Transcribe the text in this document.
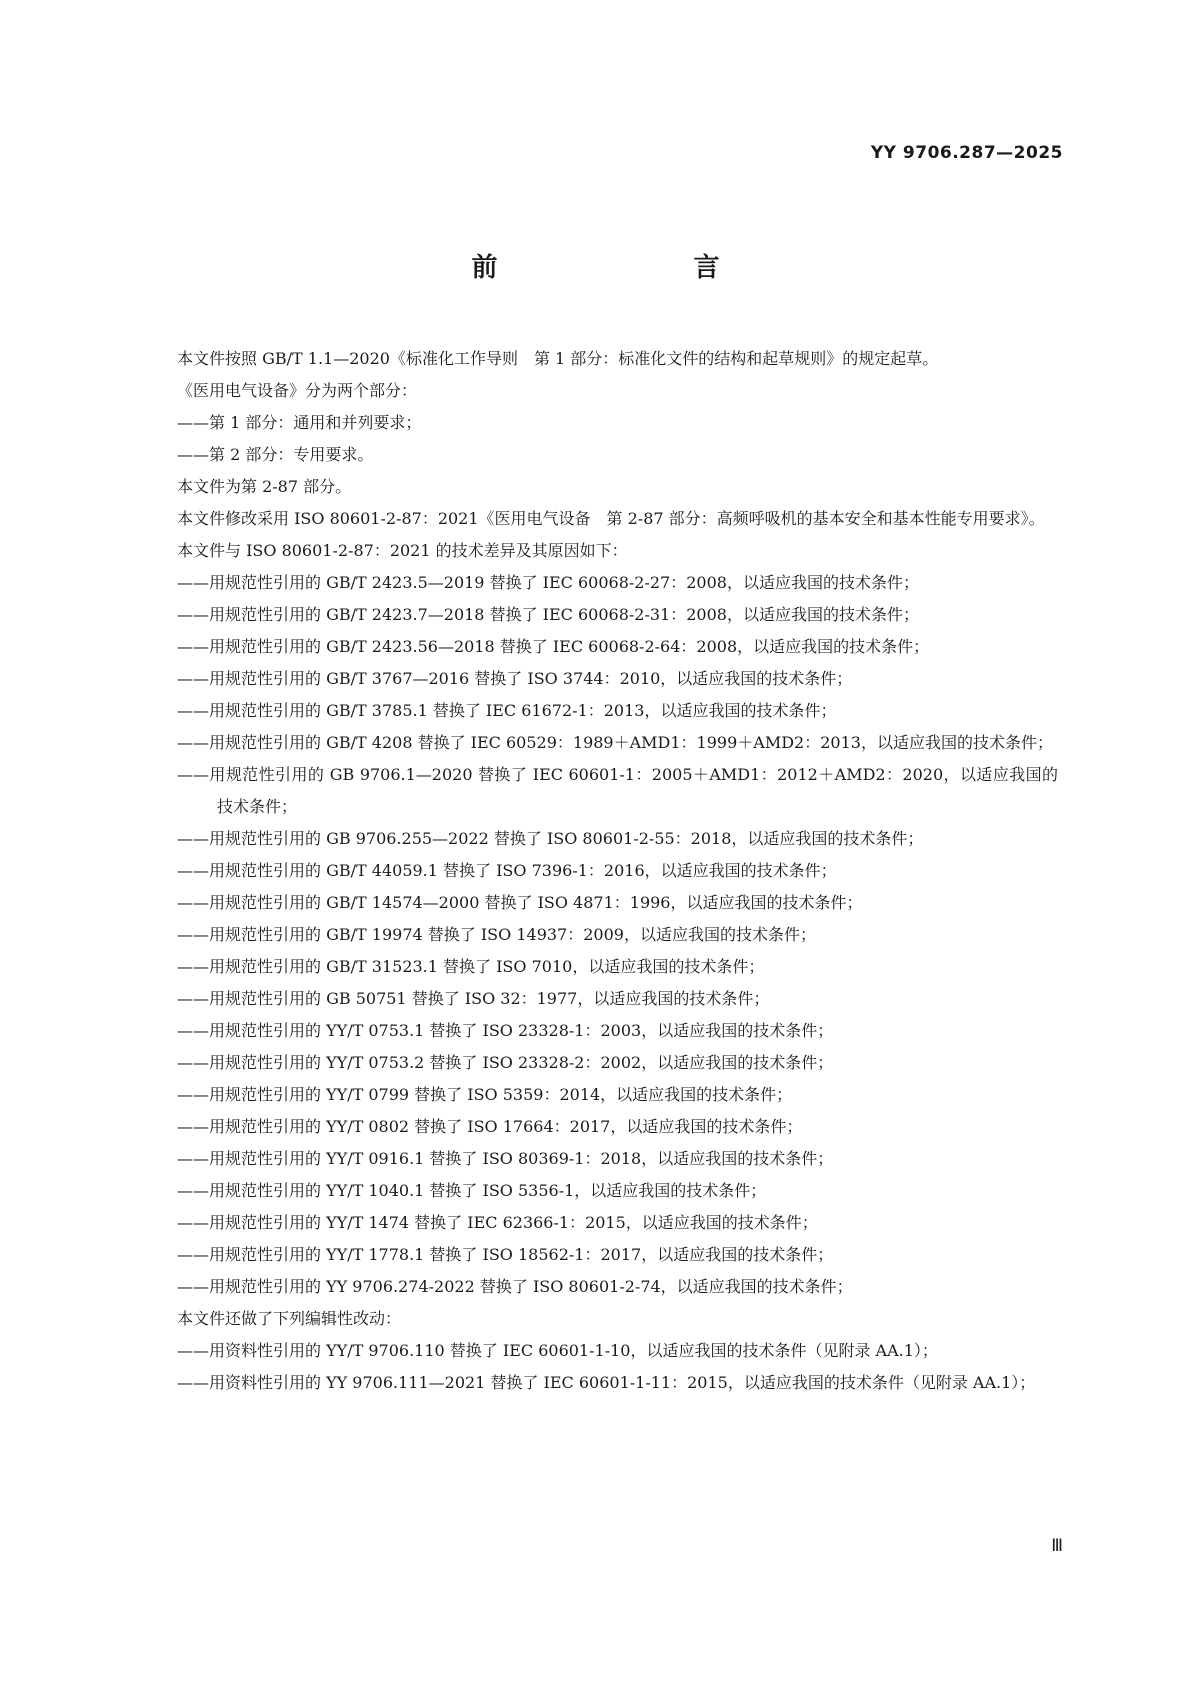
YY 9706.287—2025
前　　言

本文件按照 GB/T 1.1—2020《标准化工作导则　第 1 部分：标准化文件的结构和起草规则》的规定起草。

《医用电气设备》分为两个部分：

——第 1 部分：通用和并列要求；

——第 2 部分：专用要求。

本文件为第 2-87 部分。

本文件修改采用 ISO 80601-2-87：2021《医用电气设备　第 2-87 部分：高频呼吸机的基本安全和基本性能专用要求》。

本文件与 ISO 80601-2-87：2021 的技术差异及其原因如下：

——用规范性引用的 GB/T 2423.5—2019 替换了 IEC 60068-2-27：2008，以适应我国的技术条件；

——用规范性引用的 GB/T 2423.7—2018 替换了 IEC 60068-2-31：2008，以适应我国的技术条件；

——用规范性引用的 GB/T 2423.56—2018 替换了 IEC 60068-2-64：2008，以适应我国的技术条件；

——用规范性引用的 GB/T 3767—2016 替换了 ISO 3744：2010，以适应我国的技术条件；

——用规范性引用的 GB/T 3785.1 替换了 IEC 61672-1：2013，以适应我国的技术条件；

——用规范性引用的 GB/T 4208 替换了 IEC 60529：1989＋AMD1：1999＋AMD2：2013，以适应我国的技术条件；

——用规范性引用的 GB 9706.1—2020 替换了 IEC 60601-1：2005＋AMD1：2012＋AMD2：2020，以适应我国的技术条件；

——用规范性引用的 GB 9706.255—2022 替换了 ISO 80601-2-55：2018，以适应我国的技术条件；

——用规范性引用的 GB/T 44059.1 替换了 ISO 7396-1：2016，以适应我国的技术条件；

——用规范性引用的 GB/T 14574—2000 替换了 ISO 4871：1996，以适应我国的技术条件；

——用规范性引用的 GB/T 19974 替换了 ISO 14937：2009，以适应我国的技术条件；

——用规范性引用的 GB/T 31523.1 替换了 ISO 7010，以适应我国的技术条件；

——用规范性引用的 GB 50751 替换了 ISO 32：1977，以适应我国的技术条件；

——用规范性引用的 YY/T 0753.1 替换了 ISO 23328-1：2003，以适应我国的技术条件；

——用规范性引用的 YY/T 0753.2 替换了 ISO 23328-2：2002，以适应我国的技术条件；

——用规范性引用的 YY/T 0799 替换了 ISO 5359：2014，以适应我国的技术条件；

——用规范性引用的 YY/T 0802 替换了 ISO 17664：2017，以适应我国的技术条件；

——用规范性引用的 YY/T 0916.1 替换了 ISO 80369-1：2018，以适应我国的技术条件；

——用规范性引用的 YY/T 1040.1 替换了 ISO 5356-1，以适应我国的技术条件；

——用规范性引用的 YY/T 1474 替换了 IEC 62366-1：2015，以适应我国的技术条件；

——用规范性引用的 YY/T 1778.1 替换了 ISO 18562-1：2017，以适应我国的技术条件；

——用规范性引用的 YY 9706.274-2022 替换了 ISO 80601-2-74，以适应我国的技术条件；

本文件还做了下列编辑性改动：

——用资料性引用的 YY/T 9706.110 替换了 IEC 60601-1-10，以适应我国的技术条件（见附录 AA.1）；

——用资料性引用的 YY 9706.111—2021 替换了 IEC 60601-1-11：2015，以适应我国的技术条件（见附录 AA.1）；

Ⅲ
